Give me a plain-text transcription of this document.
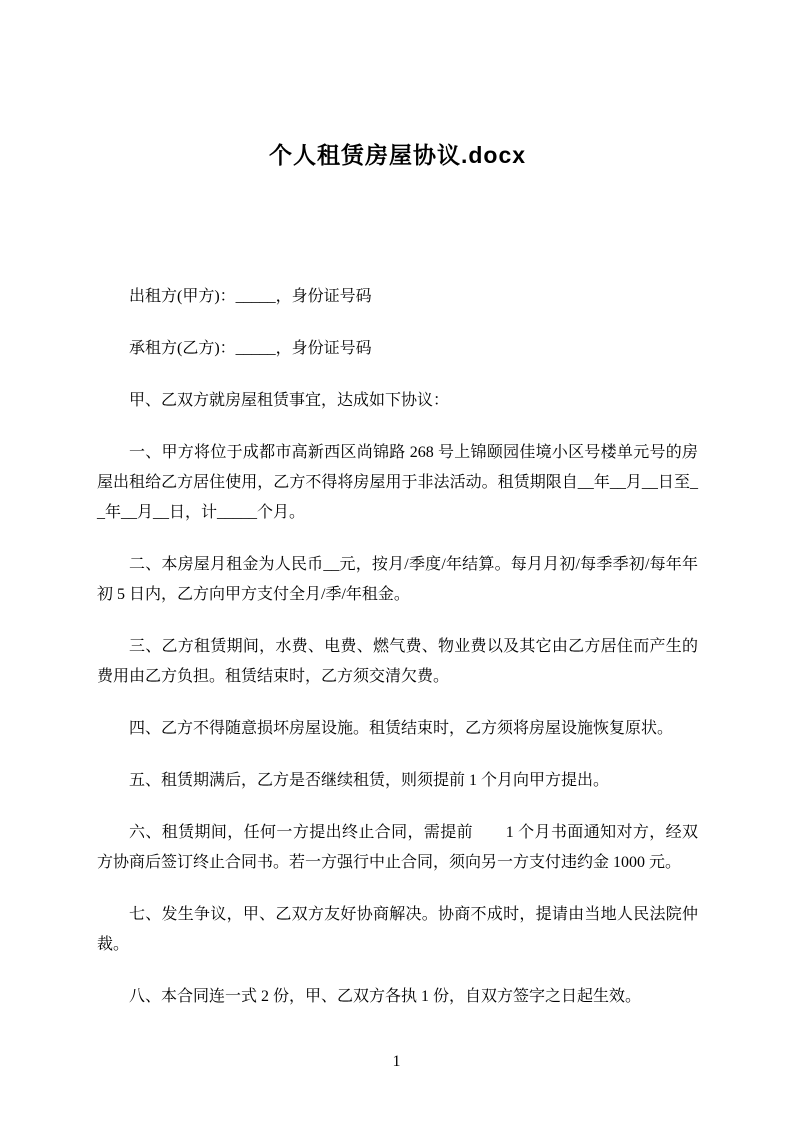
个人租赁房屋协议.docx

出租方(甲方)：_____，身份证号码

承租方(乙方)：_____，身份证号码

甲、乙双方就房屋租赁事宜，达成如下协议：

一、甲方将位于成都市高新西区尚锦路 268 号上锦颐园佳境小区号楼单元号的房屋出租给乙方居住使用，乙方不得将房屋用于非法活动。租赁期限自__年__月__日至__年__月__日，计_____个月。

二、本房屋月租金为人民币__元，按月/季度/年结算。每月月初/每季季初/每年年初 5 日内，乙方向甲方支付全月/季/年租金。

三、乙方租赁期间，水费、电费、燃气费、物业费以及其它由乙方居住而产生的费用由乙方负担。租赁结束时，乙方须交清欠费。

四、乙方不得随意损坏房屋设施。租赁结束时，乙方须将房屋设施恢复原状。

五、租赁期满后，乙方是否继续租赁，则须提前 1 个月向甲方提出。

六、租赁期间，任何一方提出终止合同，需提前　　1 个月书面通知对方，经双方协商后签订终止合同书。若一方强行中止合同，须向另一方支付违约金 1000 元。

七、发生争议，甲、乙双方友好协商解决。协商不成时，提请由当地人民法院仲裁。

八、本合同连一式 2 份，甲、乙双方各执 1 份，自双方签字之日起生效。

1
